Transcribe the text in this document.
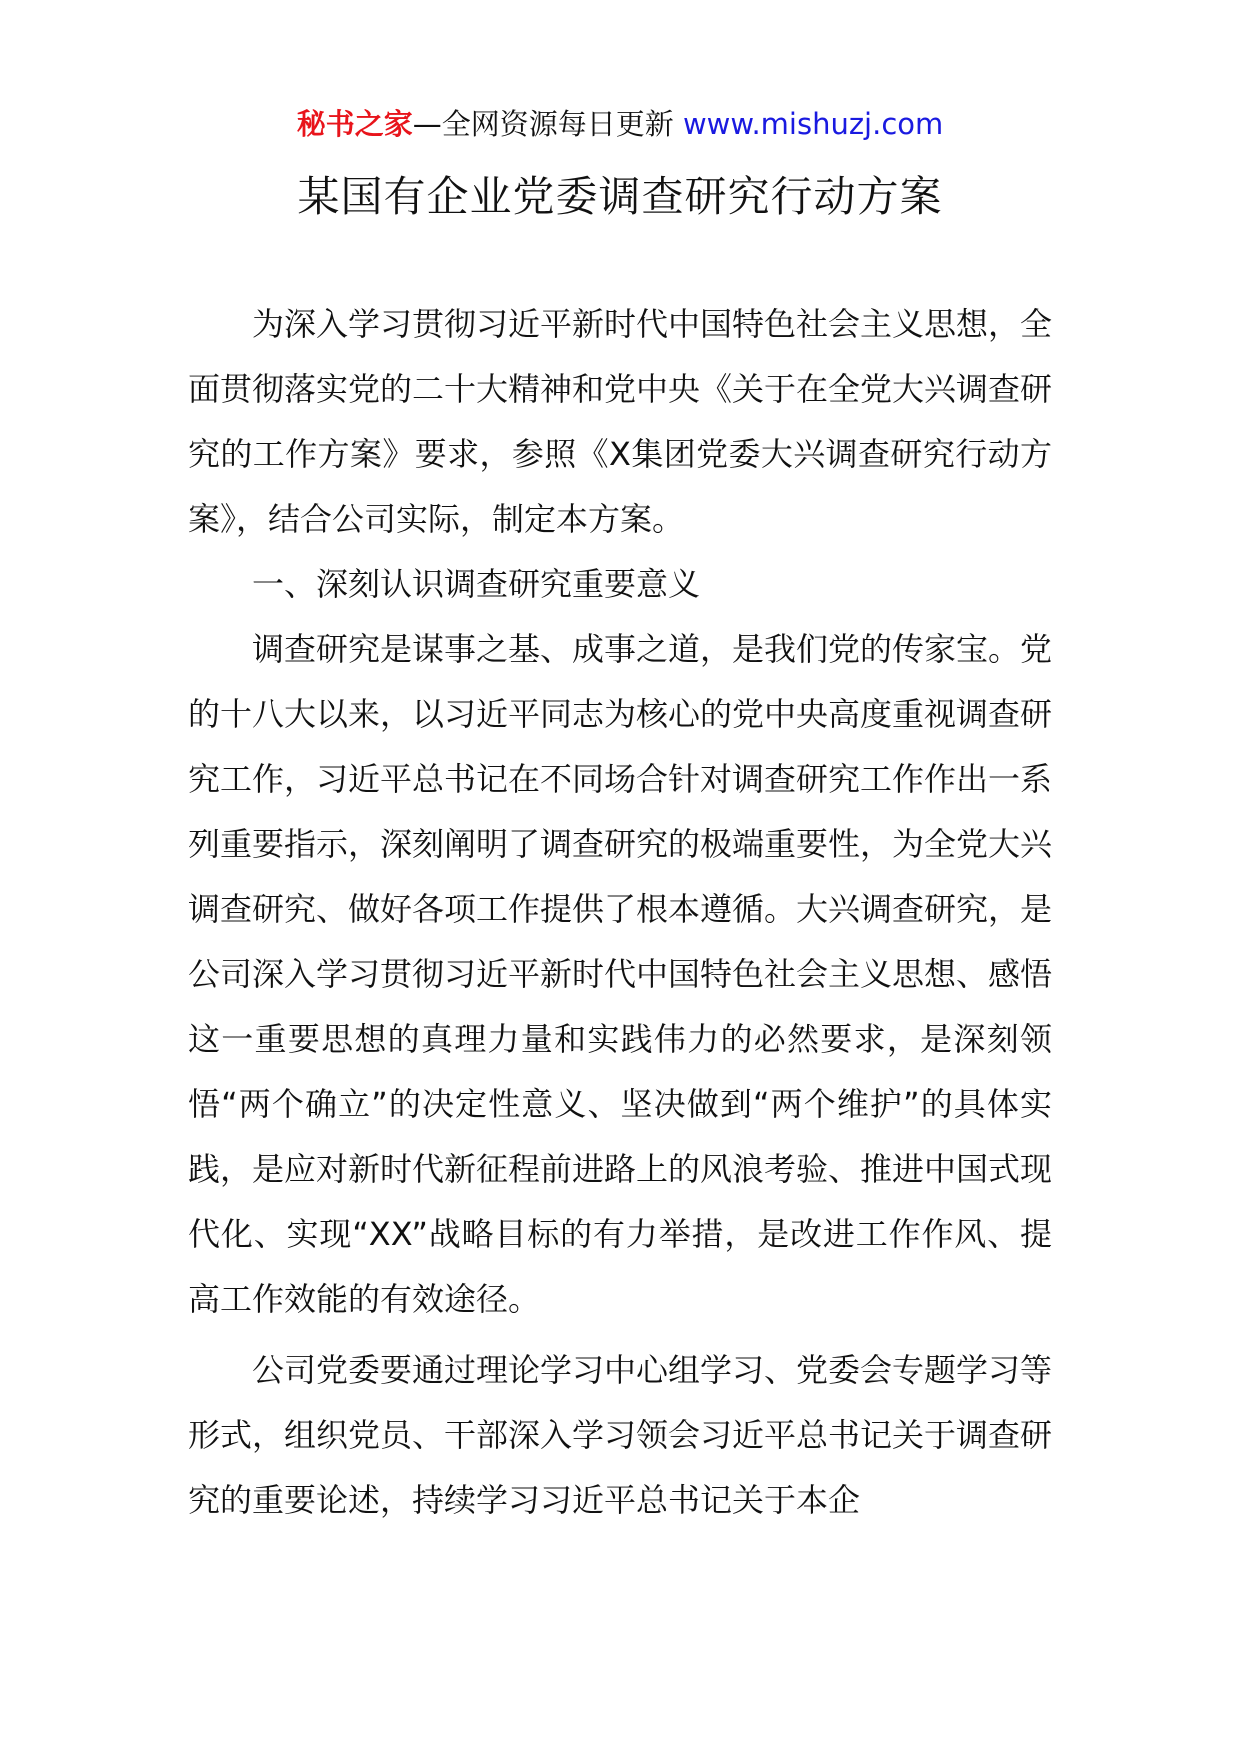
秘书之家—全网资源每日更新 www.mishuzj.com
某国有企业党委调查研究行动方案

为深入学习贯彻习近平新时代中国特色社会主义思想，全面贯彻落实党的二十大精神和党中央《关于在全党大兴调查研究的工作方案》要求，参照《X集团党委大兴调查研究行动方案》，结合公司实际，制定本方案。

一、深刻认识调查研究重要意义

调查研究是谋事之基、成事之道，是我们党的传家宝。党的十八大以来，以习近平同志为核心的党中央高度重视调查研究工作，习近平总书记在不同场合针对调查研究工作作出一系列重要指示，深刻阐明了调查研究的极端重要性，为全党大兴调查研究、做好各项工作提供了根本遵循。大兴调查研究，是公司深入学习贯彻习近平新时代中国特色社会主义思想、感悟这一重要思想的真理力量和实践伟力的必然要求，是深刻领悟“两个确立”的决定性意义、坚决做到“两个维护”的具体实践，是应对新时代新征程前进路上的风浪考验、推进中国式现代化、实现“XX”战略目标的有力举措，是改进工作作风、提高工作效能的有效途径。

公司党委要通过理论学习中心组学习、党委会专题学习等形式，组织党员、干部深入学习领会习近平总书记关于调查研究的重要论述，持续学习习近平总书记关于本企
